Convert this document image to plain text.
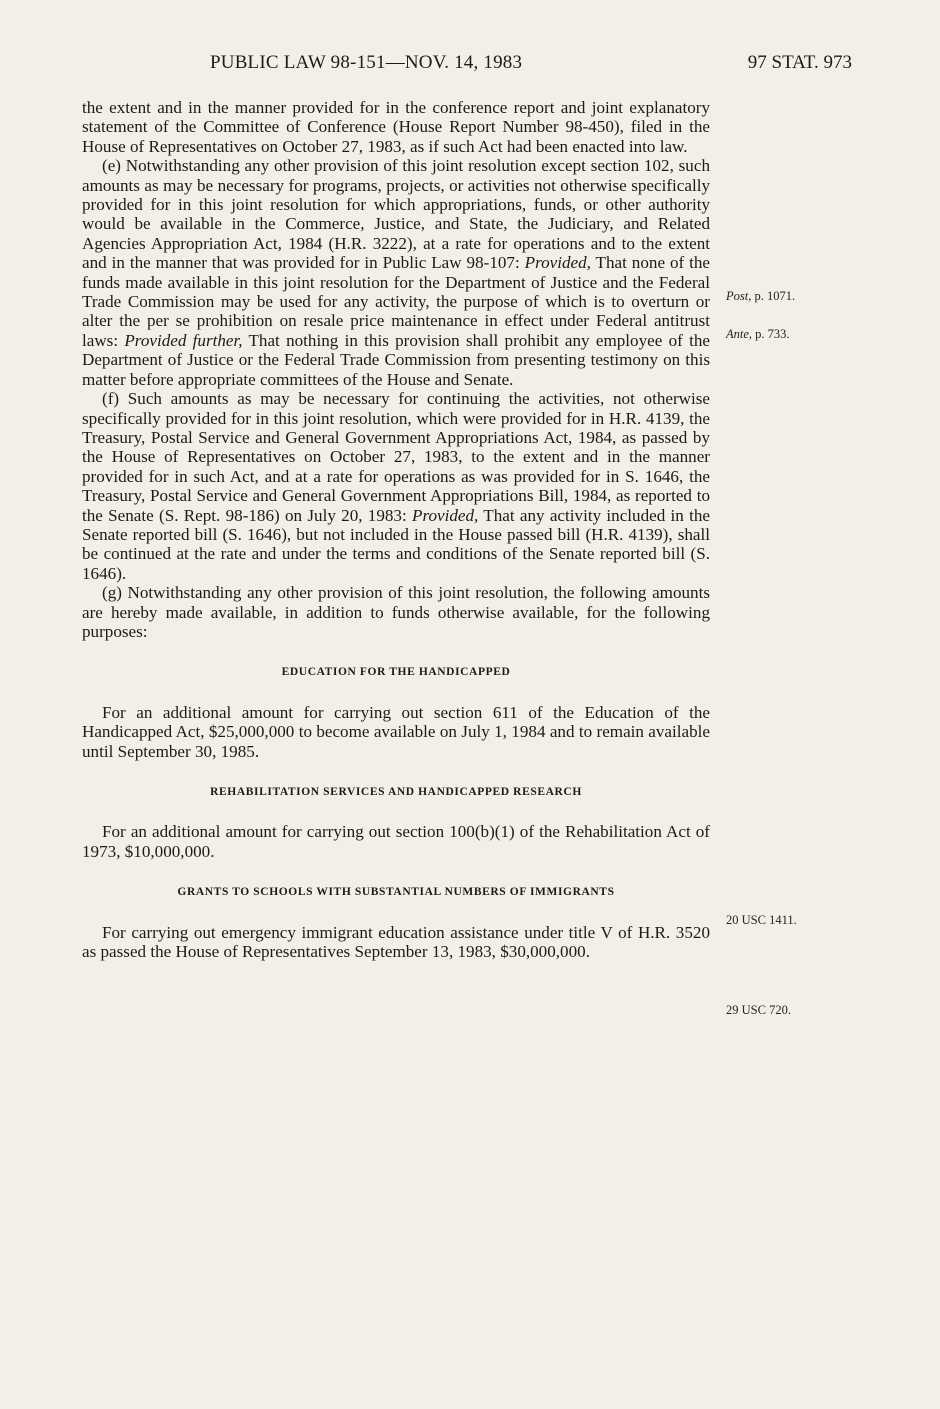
PUBLIC LAW 98-151—NOV. 14, 1983	97 STAT. 973

the extent and in the manner provided for in the conference report and joint explanatory statement of the Committee of Conference (House Report Number 98-450), filed in the House of Representatives on October 27, 1983, as if such Act had been enacted into law.

(e) Notwithstanding any other provision of this joint resolution except section 102, such amounts as may be necessary for programs, projects, or activities not otherwise specifically provided for in this joint resolution for which appropriations, funds, or other authority would be available in the Commerce, Justice, and State, the Judiciary, and Related Agencies Appropriation Act, 1984 (H.R. 3222), at a rate for operations and to the extent and in the manner that was provided for in Public Law 98-107: Provided, That none of the funds made available in this joint resolution for the Department of Justice and the Federal Trade Commission may be used for any activity, the purpose of which is to overturn or alter the per se prohibition on resale price maintenance in effect under Federal antitrust laws: Provided further, That nothing in this provision shall prohibit any employee of the Department of Justice or the Federal Trade Commission from presenting testimony on this matter before appropriate committees of the House and Senate.

(f) Such amounts as may be necessary for continuing the activities, not otherwise specifically provided for in this joint resolution, which were provided for in H.R. 4139, the Treasury, Postal Service and General Government Appropriations Act, 1984, as passed by the House of Representatives on October 27, 1983, to the extent and in the manner provided for in such Act, and at a rate for operations as was provided for in S. 1646, the Treasury, Postal Service and General Government Appropriations Bill, 1984, as reported to the Senate (S. Rept. 98-186) on July 20, 1983: Provided, That any activity included in the Senate reported bill (S. 1646), but not included in the House passed bill (H.R. 4139), shall be continued at the rate and under the terms and conditions of the Senate reported bill (S. 1646).

(g) Notwithstanding any other provision of this joint resolution, the following amounts are hereby made available, in addition to funds otherwise available, for the following purposes:

EDUCATION FOR THE HANDICAPPED

For an additional amount for carrying out section 611 of the Education of the Handicapped Act, $25,000,000 to become available on July 1, 1984 and to remain available until September 30, 1985.

REHABILITATION SERVICES AND HANDICAPPED RESEARCH

For an additional amount for carrying out section 100(b)(1) of the Rehabilitation Act of 1973, $10,000,000.

GRANTS TO SCHOOLS WITH SUBSTANTIAL NUMBERS OF IMMIGRANTS

For carrying out emergency immigrant education assistance under title V of H.R. 3520 as passed the House of Representatives September 13, 1983, $30,000,000.

Post, p. 1071.
Ante, p. 733.
20 USC 1411.
29 USC 720.
